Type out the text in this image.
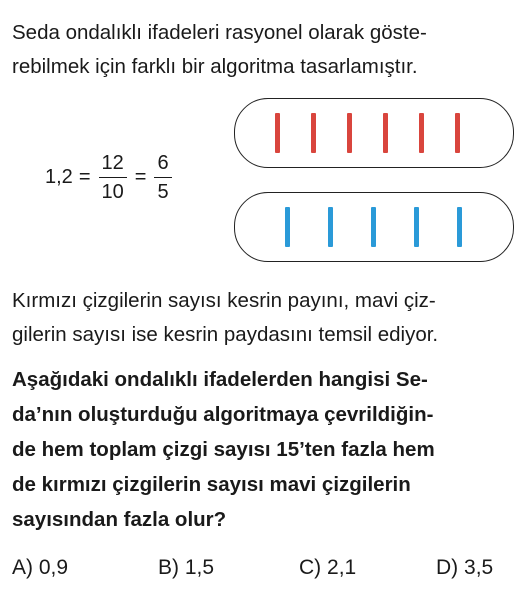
Seda ondalıklı ifadeleri rasyonel olarak göste-
rebilmek için farklı bir algoritma tasarlamıştır.

$1,2 = \frac{12}{10} = \frac{6}{5}$

Kırmızı çizgilerin sayısı kesrin payını, mavi çiz-
gilerin sayısı ise kesrin paydasını temsil ediyor.

Aşağıdaki ondalıklı ifadelerden hangisi Se-
da’nın oluşturduğu algoritmaya çevrildiğin-
de hem toplam çizgi sayısı 15’ten fazla hem
de kırmızı çizgilerin sayısı mavi çizgilerin
sayısından fazla olur?

A) 0,9	B) 1,5	C) 2,1	D) 3,5
